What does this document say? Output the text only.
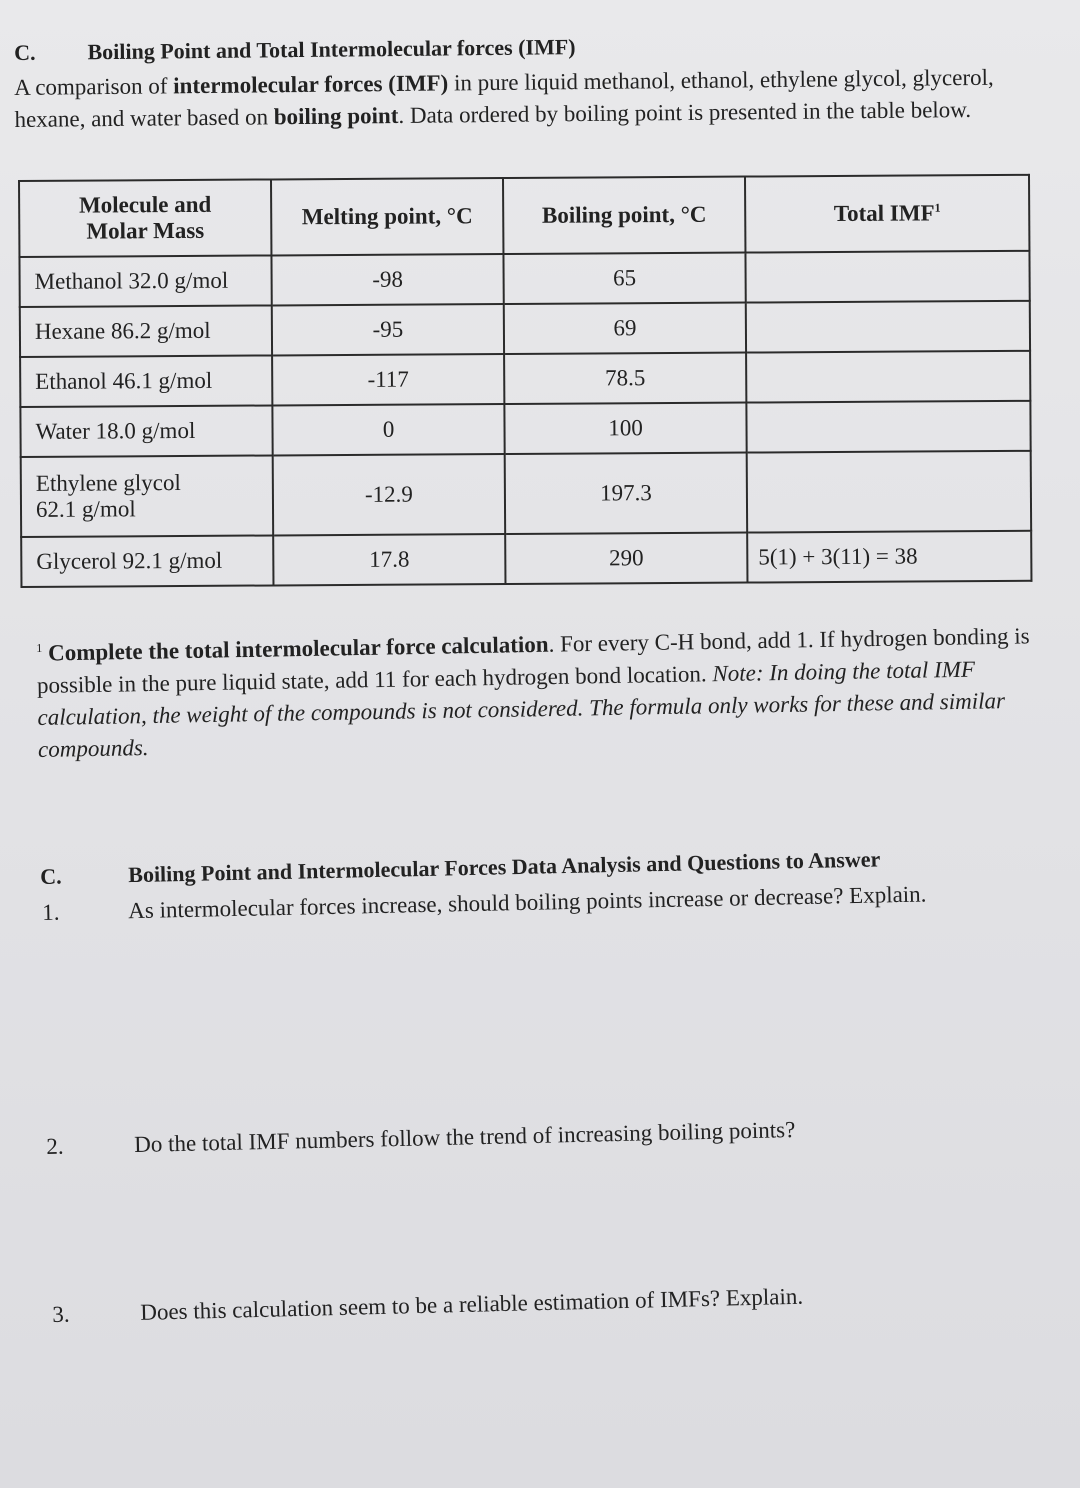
C. Boiling Point and Total Intermolecular forces (IMF)
A comparison of intermolecular forces (IMF) in pure liquid methanol, ethanol, ethylene glycol, glycerol, hexane, and water based on boiling point. Data ordered by boiling point is presented in the table below.
Molecule and
Molar Mass	Melting point, °C	Boiling point, °C	Total IMF$^1$
Methanol 32.0 g/mol	-98	65	
Hexane 86.2 g/mol	-95	69	
Ethanol 46.1 g/mol	-117	78.5	
Water 18.0 g/mol	0	100	
Ethylene glycol
62.1 g/mol	-12.9	197.3	
Glycerol 92.1 g/mol	17.8	290	5(1) + 3(11) = 38
$^1$ Complete the total intermolecular force calculation. For every C-H bond, add 1. If hydrogen bonding is possible in the pure liquid state, add 11 for each hydrogen bond location. Note: In doing the total IMF calculation, the weight of the compounds is not considered. The formula only works for these and similar compounds.
C.	Boiling Point and Intermolecular Forces Data Analysis and Questions to Answer
1.	As intermolecular forces increase, should boiling points increase or decrease? Explain.
2.	Do the total IMF numbers follow the trend of increasing boiling points?
3.	Does this calculation seem to be a reliable estimation of IMFs? Explain.
